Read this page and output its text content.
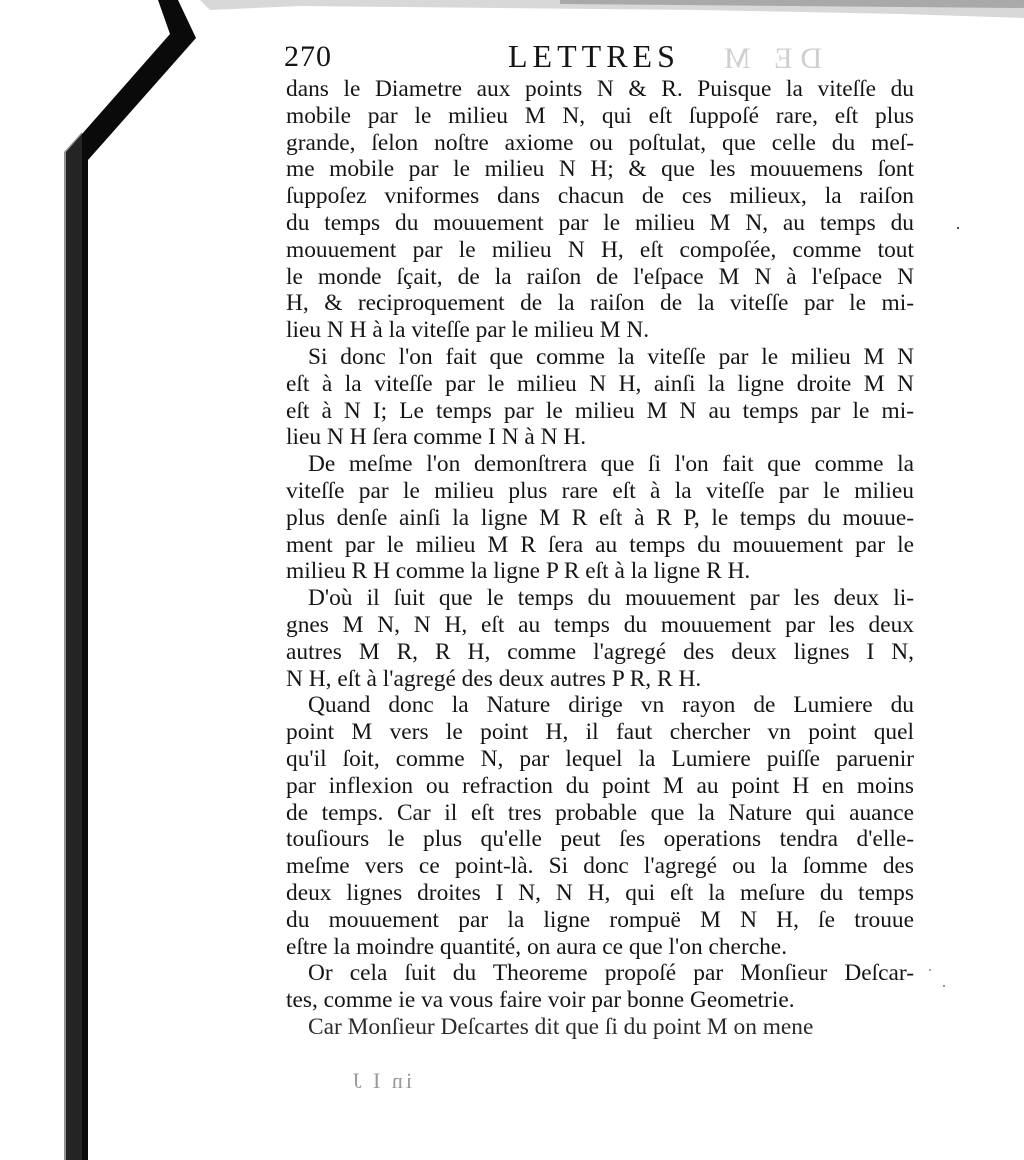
270	LETTRES DE M
dans le Diametre aux points N & R. Puisque la viteſſe du
mobile par le milieu M N, qui eſt ſuppoſé rare, eſt plus
grande, ſelon noſtre axiome ou poſtulat, que celle du meſ-
me mobile par le milieu N H; & que les mouuemens ſont
ſuppoſez vniformes dans chacun de ces milieux, la raiſon
du temps du mouuement par le milieu M N, au temps du
mouuement par le milieu N H, eſt compoſée, comme tout
le monde ſçait, de la raiſon de l'eſpace M N à l'eſpace N
H, & reciproquement de la raiſon de la viteſſe par le mi-
lieu N H à la viteſſe par le milieu M N.
Si donc l'on fait que comme la viteſſe par le milieu M N
eſt à la viteſſe par le milieu N H, ainſi la ligne droite M N
eſt à N I; Le temps par le milieu M N au temps par le mi-
lieu N H ſera comme I N à N H.
De meſme l'on demonſtrera que ſi l'on fait que comme la
viteſſe par le milieu plus rare eſt à la viteſſe par le milieu
plus denſe ainſi la ligne M R eſt à R P, le temps du mouue-
ment par le milieu M R ſera au temps du mouuement par le
milieu R H comme la ligne P R eſt à la ligne R H.
D'où il ſuit que le temps du mouuement par les deux li-
gnes M N, N H, eſt au temps du mouuement par les deux
autres M R, R H, comme l'agregé des deux lignes I N,
N H, eſt à l'agregé des deux autres P R, R H.
Quand donc la Nature dirige vn rayon de Lumiere du
point M vers le point H, il faut chercher vn point quel
qu'il ſoit, comme N, par lequel la Lumiere puiſſe paruenir
par inflexion ou refraction du point M au point H en moins
de temps. Car il eſt tres probable que la Nature qui auance
touſiours le plus qu'elle peut ſes operations tendra d'elle-
meſme vers ce point-là. Si donc l'agregé ou la ſomme des
deux lignes droites I N, N H, qui eſt la meſure du temps
du mouuement par la ligne rompuë M N H, ſe trouue
eſtre la moindre quantité, on aura ce que l'on cherche.
Or cela ſuit du Theoreme propoſé par Monſieur Deſcar-
tes, comme ie va vous faire voir par bonne Geometrie.
Car Monſieur Deſcartes dit que ſi du point M on mene
in I J
